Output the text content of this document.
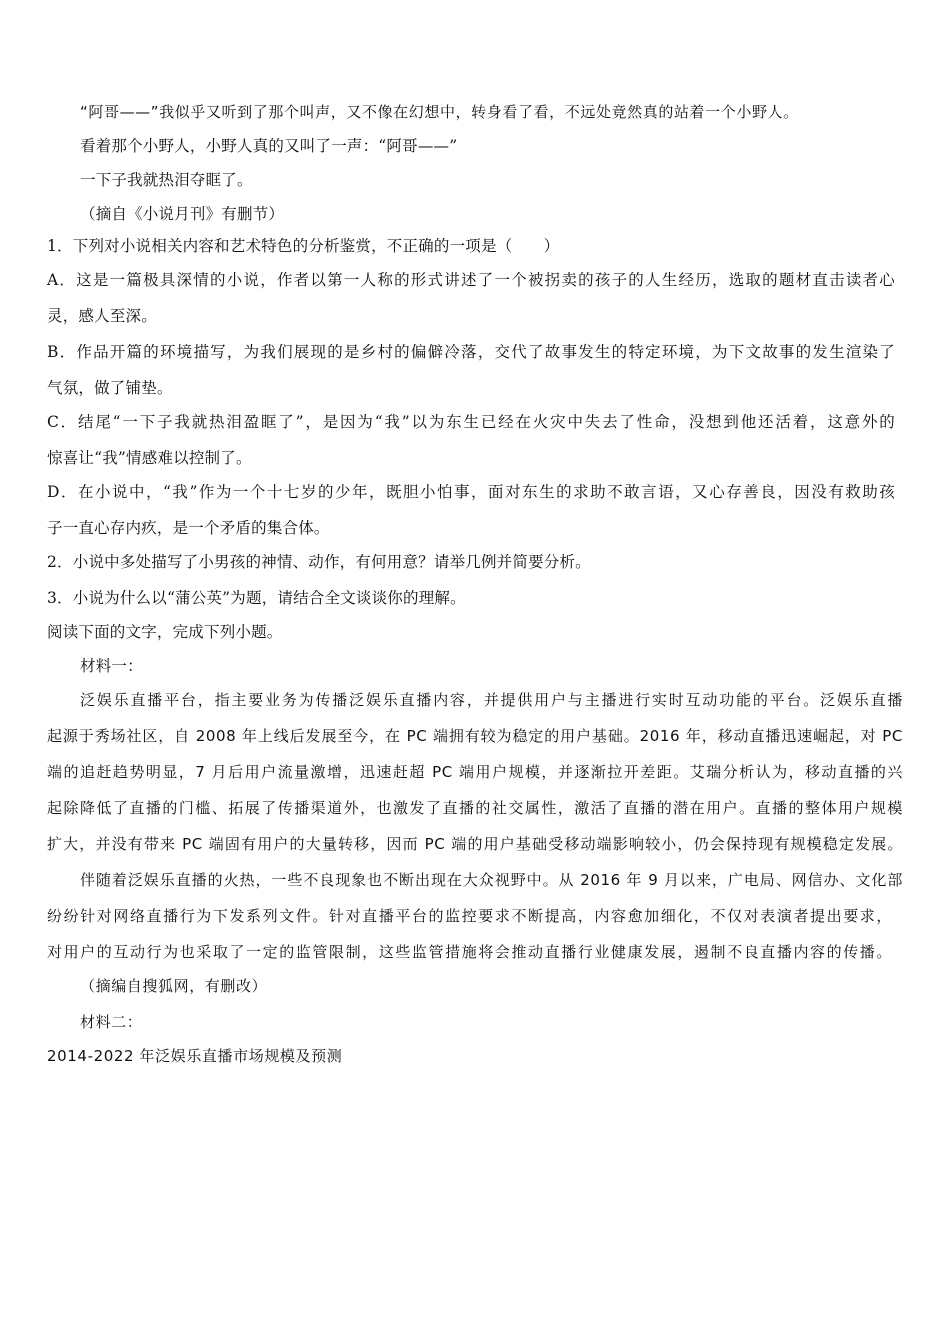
“阿哥——”我似乎又听到了那个叫声，又不像在幻想中，转身看了看，不远处竟然真的站着一个小野人。
看着那个小野人，小野人真的又叫了一声：“阿哥——”
一下子我就热泪夺眶了。
（摘自《小说月刊》有删节）
1．下列对小说相关内容和艺术特色的分析鉴赏，不正确的一项是（　　）
A．这是一篇极具深情的小说，作者以第一人称的形式讲述了一个被拐卖的孩子的人生经历，选取的题材直击读者心
灵，感人至深。
B．作品开篇的环境描写，为我们展现的是乡村的偏僻冷落，交代了故事发生的特定环境，为下文故事的发生渲染了
气氛，做了铺垫。
C．结尾“一下子我就热泪盈眶了”，是因为“我”以为东生已经在火灾中失去了性命，没想到他还活着，这意外的
惊喜让“我”情感难以控制了。
D．在小说中，“我”作为一个十七岁的少年，既胆小怕事，面对东生的求助不敢言语，又心存善良，因没有救助孩
子一直心存内疚，是一个矛盾的集合体。
2．小说中多处描写了小男孩的神情、动作，有何用意？请举几例并简要分析。
3．小说为什么以“蒲公英”为题，请结合全文谈谈你的理解。
阅读下面的文字，完成下列小题。
材料一：
泛娱乐直播平台，指主要业务为传播泛娱乐直播内容，并提供用户与主播进行实时互动功能的平台。泛娱乐直播
起源于秀场社区，自 2008 年上线后发展至今，在 PC 端拥有较为稳定的用户基础。2016 年，移动直播迅速崛起，对 PC
端的追赶趋势明显，7 月后用户流量激增，迅速赶超 PC 端用户规模，并逐渐拉开差距。艾瑞分析认为，移动直播的兴
起除降低了直播的门槛、拓展了传播渠道外，也激发了直播的社交属性，激活了直播的潜在用户。直播的整体用户规模
扩大，并没有带来 PC 端固有用户的大量转移，因而 PC 端的用户基础受移动端影响较小，仍会保持现有规模稳定发展。
伴随着泛娱乐直播的火热，一些不良现象也不断出现在大众视野中。从 2016 年 9 月以来，广电局、网信办、文化部
纷纷针对网络直播行为下发系列文件。针对直播平台的监控要求不断提高，内容愈加细化，不仅对表演者提出要求，
对用户的互动行为也采取了一定的监管限制，这些监管措施将会推动直播行业健康发展，遏制不良直播内容的传播。
（摘编自搜狐网，有删改）
材料二：
2014-2022 年泛娱乐直播市场规模及预测
